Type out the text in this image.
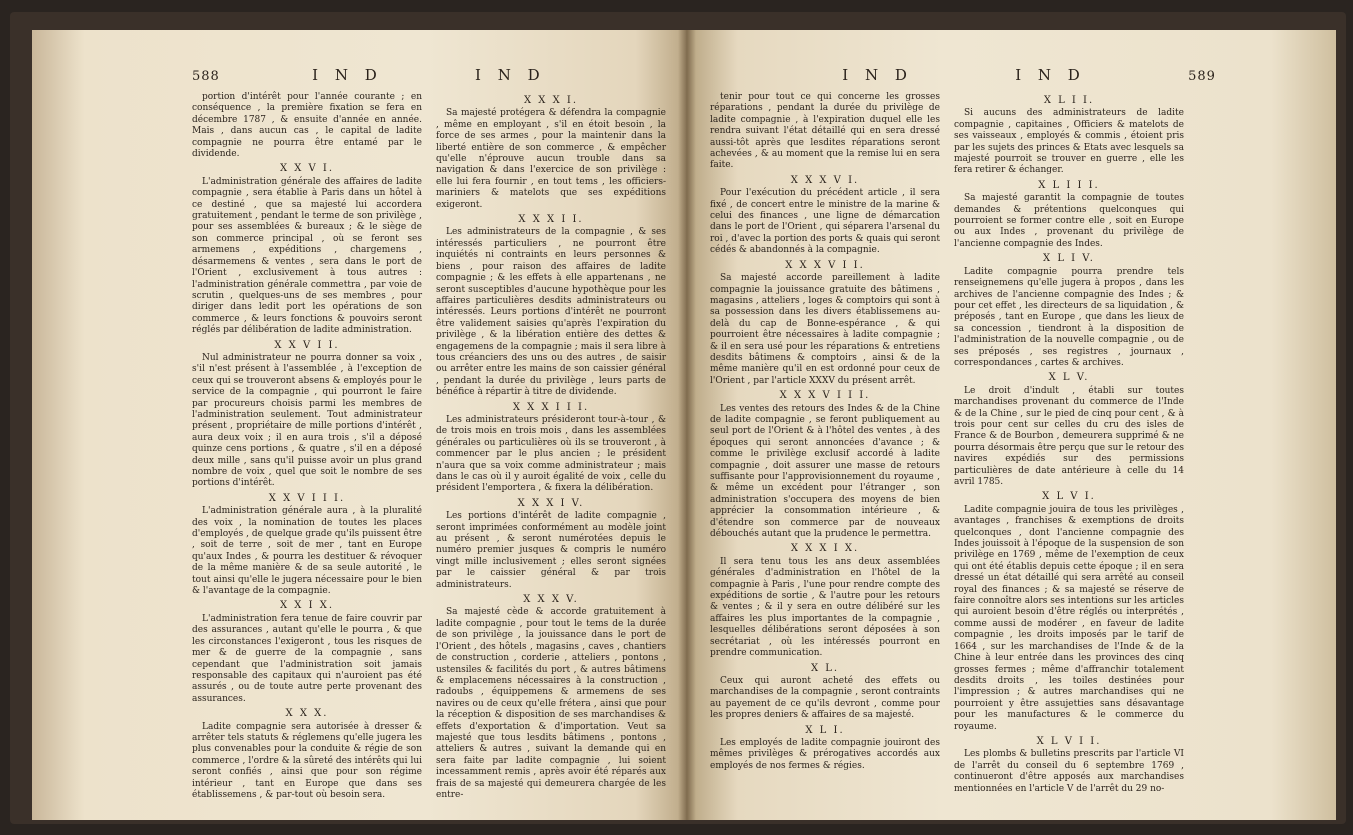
588	I N D	I N D
portion d'intérêt pour l'année courante ; en conséquence , la première fixation se fera en décembre 1787 , & ensuite d'année en année. Mais , dans aucun cas , le capital de ladite compagnie ne pourra être entamé par le dividende.
X X V I.
L'administration générale des affaires de ladite compagnie , sera établie à Paris dans un hôtel à ce destiné , que sa majesté lui accordera gratuitement , pendant le terme de son privilège , pour ses assemblées & bureaux ; & le siège de son commerce principal , où se feront ses armemens , expéditions , chargemens , désarmemens & ventes , sera dans le port de l'Orient , exclusivement à tous autres : l'administration générale commettra , par voie de scrutin , quelques-uns de ses membres , pour diriger dans ledit port les opérations de son commerce , & leurs fonctions & pouvoirs seront réglés par délibération de ladite administration.
X X V I I.
Nul administrateur ne pourra donner sa voix , s'il n'est présent à l'assemblée , à l'exception de ceux qui se trouveront absens & employés pour le service de la compagnie , qui pourront le faire par procureurs choisis parmi les membres de l'administration seulement. Tout administrateur présent , propriétaire de mille portions d'intérêt , aura deux voix ; il en aura trois , s'il a déposé quinze cens portions , & quatre , s'il en a déposé deux mille , sans qu'il puisse avoir un plus grand nombre de voix , quel que soit le nombre de ses portions d'intérêt.
X X V I I I.
L'administration générale aura , à la pluralité des voix , la nomination de toutes les places d'employés , de quelque grade qu'ils puissent être , soit de terre , soit de mer , tant en Europe qu'aux Indes , & pourra les destituer & révoquer de la même manière & de sa seule autorité , le tout ainsi qu'elle le jugera nécessaire pour le bien & l'avantage de la compagnie.
X X I X.
L'administration fera tenue de faire couvrir par des assurances , autant qu'elle le pourra , & que les circonstances l'exigeront , tous les risques de mer & de guerre de la compagnie , sans cependant que l'administration soit jamais responsable des capitaux qui n'auroient pas été assurés , ou de toute autre perte provenant des assurances.
X X X.
Ladite compagnie sera autorisée à dresser & arrêter tels statuts & réglemens qu'elle jugera les plus convenables pour la conduite & régie de son commerce , l'ordre & la sûreté des intérêts qui lui seront confiés , ainsi que pour son régime intérieur , tant en Europe que dans ses établissemens , & par-tout où besoin sera.
X X X I.
Sa majesté protégera & défendra la compagnie , même en employant , s'il en étoit besoin , la force de ses armes , pour la maintenir dans la liberté entière de son commerce , & empêcher qu'elle n'éprouve aucun trouble dans sa navigation & dans l'exercice de son privilège : elle lui fera fournir , en tout tems , les officiers-mariniers & matelots que ses expéditions exigeront.
X X X I I.
Les administrateurs de la compagnie , & ses intéressés particuliers , ne pourront être inquiétés ni contraints en leurs personnes & biens , pour raison des affaires de ladite compagnie ; & les effets à elle appartenans , ne seront susceptibles d'aucune hypothèque pour les affaires particulières desdits administrateurs ou intéressés. Leurs portions d'intérêt ne pourront être validement saisies qu'après l'expiration du privilège , & la libération entière des dettes & engagemens de la compagnie ; mais il sera libre à tous créanciers des uns ou des autres , de saisir ou arrêter entre les mains de son caissier général , pendant la durée du privilège , leurs parts de bénéfice à répartir à titre de dividende.
X X X I I I.
Les administrateurs présideront tour-à-tour , & de trois mois en trois mois , dans les assemblées générales ou particulières où ils se trouveront , à commencer par le plus ancien ; le président n'aura que sa voix comme administrateur ; mais dans le cas où il y auroit égalité de voix , celle du président l'emportera , & fixera la délibération.
X X X I V.
Les portions d'intérêt de ladite compagnie , seront imprimées conformément au modèle joint au présent , & seront numérotées depuis le numéro premier jusques & compris le numéro vingt mille inclusivement ; elles seront signées par le caissier général & par trois administrateurs.
X X X V.
Sa majesté cède & accorde gratuitement à ladite compagnie , pour tout le tems de la durée de son privilège , la jouissance dans le port de l'Orient , des hôtels , magasins , caves , chantiers de construction , corderie , atteliers , pontons , ustensiles & facilités du port , & autres bâtimens & emplacemens nécessaires à la construction , radoubs , équippemens & armemens de ses navires ou de ceux qu'elle frétera , ainsi que pour la réception & disposition de ses marchandises & effets d'exportation & d'importation. Veut sa majesté que tous lesdits bâtimens , pontons , atteliers & autres , suivant la demande qui en sera faite par ladite compagnie , lui soient incessamment remis , après avoir été réparés aux frais de sa majesté qui demeurera chargée de les entre-
I N D	I N D	589
tenir pour tout ce qui concerne les grosses réparations , pendant la durée du privilège de ladite compagnie , à l'expiration duquel elle les rendra suivant l'état détaillé qui en sera dressé aussi-tôt après que lesdites réparations seront achevées , & au moment que la remise lui en sera faite.
X X X V I.
Pour l'exécution du précédent article , il sera fixé , de concert entre le ministre de la marine & celui des finances , une ligne de démarcation dans le port de l'Orient , qui séparera l'arsenal du roi , d'avec la portion des ports & quais qui seront cédés & abandonnés à la compagnie.
X X X V I I.
Sa majesté accorde pareillement à ladite compagnie la jouissance gratuite des bâtimens , magasins , atteliers , loges & comptoirs qui sont à sa possession dans les divers établissemens au-delà du cap de Bonne-espérance , & qui pourroient être nécessaires à ladite compagnie ; & il en sera usé pour les réparations & entretiens desdits bâtimens & comptoirs , ainsi & de la même manière qu'il en est ordonné pour ceux de l'Orient , par l'article XXXV du présent arrêt.
X X X V I I I.
Les ventes des retours des Indes & de la Chine de ladite compagnie , se feront publiquement au seul port de l'Orient & à l'hôtel des ventes , à des époques qui seront annoncées d'avance ; & comme le privilège exclusif accordé à ladite compagnie , doit assurer une masse de retours suffisante pour l'approvisionnement du royaume , & même un excédent pour l'étranger , son administration s'occupera des moyens de bien apprécier la consommation intérieure , & d'étendre son commerce par de nouveaux débouchés autant que la prudence le permettra.
X X X I X.
Il sera tenu tous les ans deux assemblées générales d'administration en l'hôtel de la compagnie à Paris , l'une pour rendre compte des expéditions de sortie , & l'autre pour les retours & ventes ; & il y sera en outre délibéré sur les affaires les plus importantes de la compagnie , lesquelles délibérations seront déposées à son secrétariat , où les intéressés pourront en prendre communication.
X L.
Ceux qui auront acheté des effets ou marchandises de la compagnie , seront contraints au payement de ce qu'ils devront , comme pour les propres deniers & affaires de sa majesté.
X L I.
Les employés de ladite compagnie jouiront des mêmes privilèges & prérogatives accordés aux employés de nos fermes & régies.
X L I I.
Si aucuns des administrateurs de ladite compagnie , capitaines , Officiers & matelots de ses vaisseaux , employés & commis , étoient pris par les sujets des princes & Etats avec lesquels sa majesté pourroit se trouver en guerre , elle les fera retirer & échanger.
X L I I I.
Sa majesté garantit la compagnie de toutes demandes & prétentions quelconques qui pourroient se former contre elle , soit en Europe ou aux Indes , provenant du privilège de l'ancienne compagnie des Indes.
X L I V.
Ladite compagnie pourra prendre tels renseignemens qu'elle jugera à propos , dans les archives de l'ancienne compagnie des Indes ; & pour cet effet , les directeurs de sa liquidation , & préposés , tant en Europe , que dans les lieux de sa concession , tiendront à la disposition de l'administration de la nouvelle compagnie , ou de ses préposés , ses registres , journaux , correspondances , cartes & archives.
X L V.
Le droit d'indult , établi sur toutes marchandises provenant du commerce de l'Inde & de la Chine , sur le pied de cinq pour cent , & à trois pour cent sur celles du cru des isles de France & de Bourbon , demeurera supprimé & ne pourra désormais être perçu que sur le retour des navires expédiés sur des permissions particulières de date antérieure à celle du 14 avril 1785.
X L V I.
Ladite compagnie jouira de tous les privilèges , avantages , franchises & exemptions de droits quelconques , dont l'ancienne compagnie des Indes jouissoit à l'époque de la suspension de son privilège en 1769 , même de l'exemption de ceux qui ont été établis depuis cette époque ; il en sera dressé un état détaillé qui sera arrêté au conseil royal des finances ; & sa majesté se réserve de faire connoître alors ses intentions sur les articles qui auroient besoin d'être réglés ou interprétés , comme aussi de modérer , en faveur de ladite compagnie , les droits imposés par le tarif de 1664 , sur les marchandises de l'Inde & de la Chine à leur entrée dans les provinces des cinq grosses fermes ; même d'affranchir totalement desdits droits , les toiles destinées pour l'impression ; & autres marchandises qui ne pourroient y être assujetties sans désavantage pour les manufactures & le commerce du royaume.
X L V I I.
Les plombs & bulletins prescrits par l'article VI de l'arrêt du conseil du 6 septembre 1769 , continueront d'être apposés aux marchandises mentionnées en l'article V de l'arrêt du 29 no-
